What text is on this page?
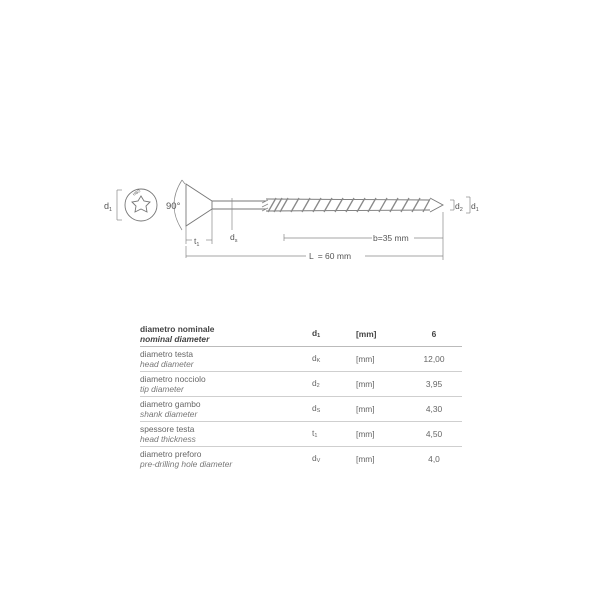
$d_1$
HBS
90°
$d_s$
$t_1$
b=35 mm
L = 60 mm
$d_2$ $d_1$
diametro nominale
nominal diameter	d1	[mm]	6

diametro testa
head diameter	dK	[mm]	12,00

diametro nocciolo
tip diameter	d2	[mm]	3,95

diametro gambo
shank diameter	dS	[mm]	4,30

spessore testa
head thickness	t1	[mm]	4,50

diametro preforo
pre-drilling hole diameter	dV	[mm]	4,0
